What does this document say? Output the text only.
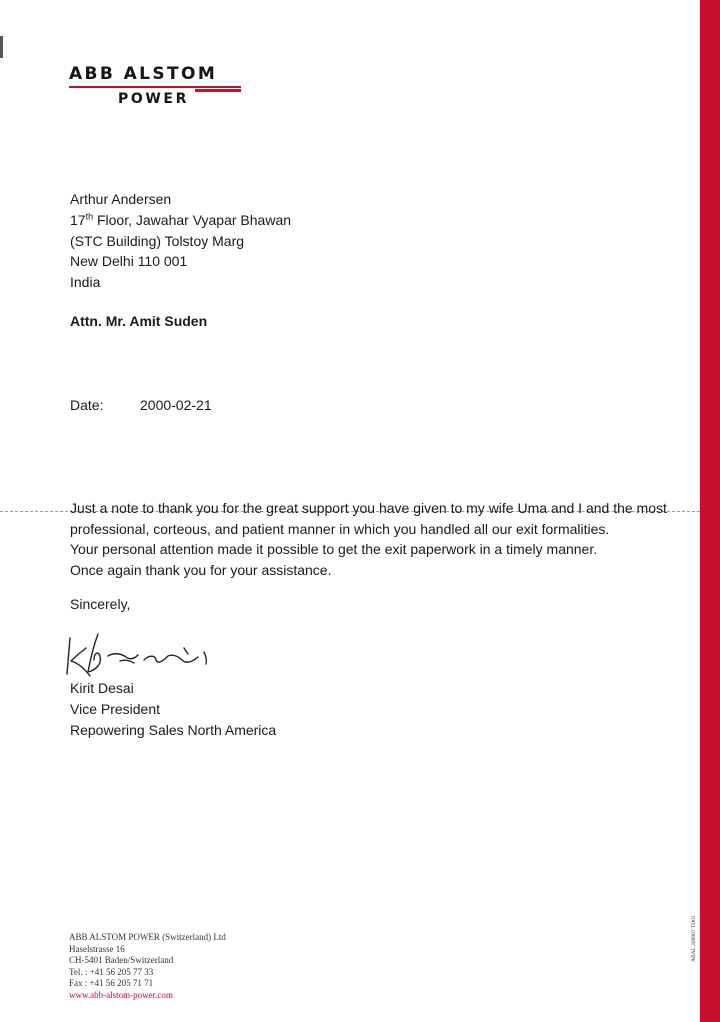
ABB ALSTOM
POWER
Arthur Andersen
17th Floor, Jawahar Vyapar Bhawan
(STC Building) Tolstoy Marg
New Delhi 110 001
India
Attn. Mr. Amit Suden
Date:	2000-02-21

Just a note to thank you for the great support you have given to my wife Uma and I and the most

professional, corteous, and patient manner in which you handled all our exit formalities.

Your personal attention made it possible to get the exit paperwork in a timely manner.

Once again thank you for your assistance.

Sincerely,
Kirit Desai
Vice President
Repowering Sales North America
ABB ALSTOM POWER (Switzerland) Ltd
Haselstrasse 16
CH-5401 Baden/Switzerland
Tel. : +41 56 205 77 33
Fax : +41 56 205 71 71
www.abb-alstom-power.com
ABAL 200007 TD01
